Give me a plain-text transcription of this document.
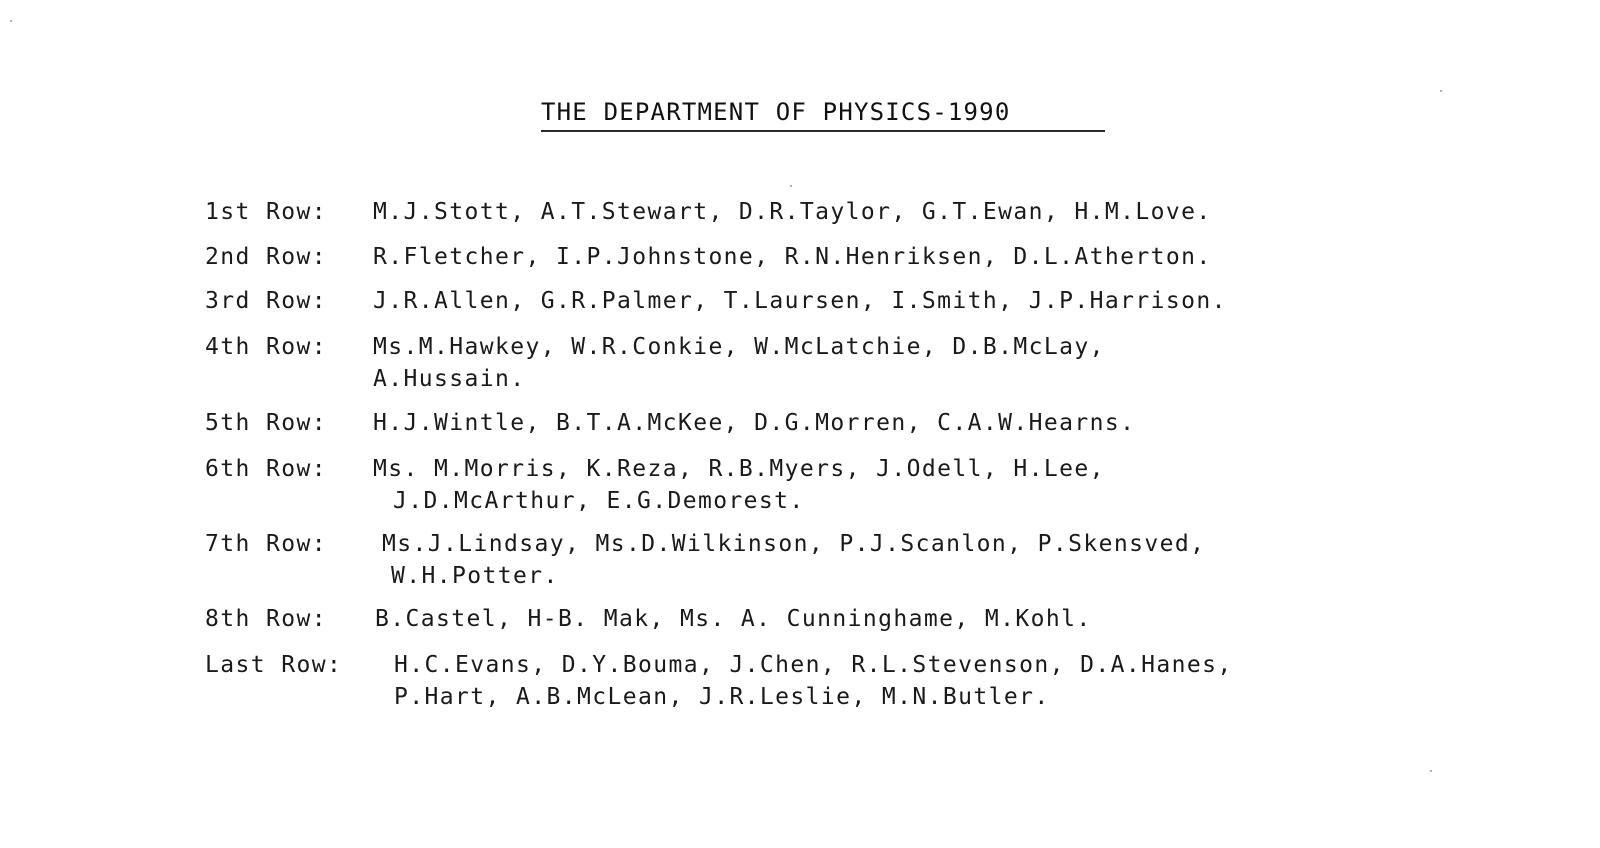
THE DEPARTMENT OF PHYSICS-1990
1st Row: M.J.Stott, A.T.Stewart, D.R.Taylor, G.T.Ewan, H.M.Love.
2nd Row: R.Fletcher, I.P.Johnstone, R.N.Henriksen, D.L.Atherton.
3rd Row: J.R.Allen, G.R.Palmer, T.Laursen, I.Smith, J.P.Harrison.
4th Row: Ms.M.Hawkey, W.R.Conkie, W.McLatchie, D.B.McLay,
A.Hussain.
5th Row: H.J.Wintle, B.T.A.McKee, D.G.Morren, C.A.W.Hearns.
6th Row: Ms. M.Morris, K.Reza, R.B.Myers, J.Odell, H.Lee,
J.D.McArthur, E.G.Demorest.
7th Row: Ms.J.Lindsay, Ms.D.Wilkinson, P.J.Scanlon, P.Skensved,
W.H.Potter.
8th Row: B.Castel, H-B. Mak, Ms. A. Cunninghame, M.Kohl.
Last Row: H.C.Evans, D.Y.Bouma, J.Chen, R.L.Stevenson, D.A.Hanes,
P.Hart, A.B.McLean, J.R.Leslie, M.N.Butler.
